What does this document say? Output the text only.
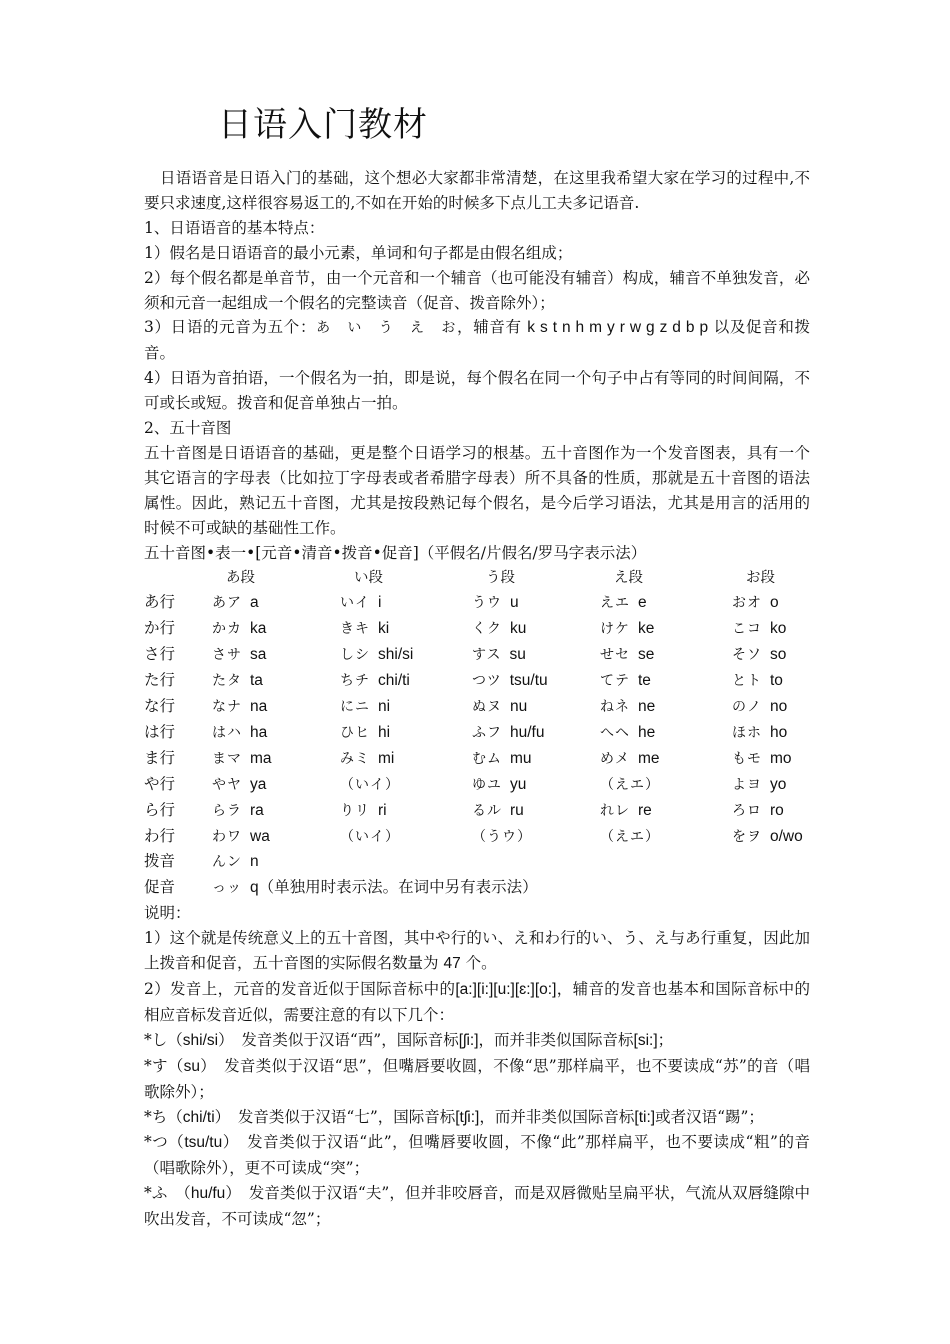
日语入门教材

日语语音是日语入门的基础，这个想必大家都非常清楚，在这里我希望大家在学习的过程中,不要只求速度,这样很容易返工的,不如在开始的时候多下点儿工夫多记语音.

1、日语语音的基本特点：

1）假名是日语语音的最小元素，单词和句子都是由假名组成；

2）每个假名都是单音节，由一个元音和一个辅音（也可能没有辅音）构成，辅音不单独发音，必须和元音一起组成一个假名的完整读音（促音、拨音除外）；

3）日语的元音为五个：あ　い　う　え　お，辅音有 k s t n h m y r w g z d b p 以及促音和拨音。

4）日语为音拍语，一个假名为一拍，即是说，每个假名在同一个句子中占有等同的时间间隔，不可或长或短。拨音和促音单独占一拍。

2、五十音图

五十音图是日语语音的基础，更是整个日语学习的根基。五十音图作为一个发音图表，具有一个其它语言的字母表（比如拉丁字母表或者希腊字母表）所不具备的性质，那就是五十音图的语法属性。因此，熟记五十音图，尤其是按段熟记每个假名，是今后学习语法，尤其是用言的活用的时候不可或缺的基础性工作。

五十音图•表一•[元音•清音•拨音•促音]（平假名/片假名/罗马字表示法）

	あ段	い段	う段	え段	お段	
あ行	あア a	いイ i	うウ u	えエ e	おオ o	
か行	かカ ka	きキ ki	くク ku	けケ ke	こコ ko	
さ行	さサ sa	しシ shi/si	すス su	せセ se	そソ so	
た行	たタ ta	ちチ chi/ti	つツ tsu/tu	てテ te	とト to	
な行	なナ na	にニ ni	ぬヌ nu	ねネ ne	のノ no	
は行	はハ ha	ひヒ hi	ふフ hu/fu	へヘ he	ほホ ho	
ま行	まマ ma	みミ mi	むム mu	めメ me	もモ mo	
や行	やヤ ya	（いイ）	ゆユ yu	（えエ）	よヨ yo	
ら行	らラ ra	りリ ri	るル ru	れレ re	ろロ ro	
わ行	わワ wa	（いイ）	（うウ）	（えエ）	をヲ o/wo	
拨音	んン n					
促音	っッ q（单独用时表示法。在词中另有表示法）					

说明：

1）这个就是传统意义上的五十音图，其中や行的い、え和わ行的い、う、え与あ行重复，因此加上拨音和促音，五十音图的实际假名数量为 47 个。

2）发音上，元音的发音近似于国际音标中的[a:][i:][u:][ɛ:][o:]，辅音的发音也基本和国际音标中的相应音标发音近似，需要注意的有以下几个：

*し（shi/si）　发音类似于汉语“西”，国际音标[ʃi:]，而并非类似国际音标[si:]；

*す（su）　发音类似于汉语“思”，但嘴唇要收圆，不像“思”那样扁平，也不要读成“苏”的音（唱歌除外）；

*ち（chi/ti）　发音类似于汉语“七”，国际音标[tʃi:]，而并非类似国际音标[ti:]或者汉语“踢”；

*つ（tsu/tu）　发音类似于汉语“此”，但嘴唇要收圆，不像“此”那样扁平，也不要读成“粗”的音（唱歌除外），更不可读成“突”；

*ふ　（hu/fu）　发音类似于汉语“夫”，但并非咬唇音，而是双唇微贴呈扁平状，气流从双唇缝隙中吹出发音，不可读成“忽”；
